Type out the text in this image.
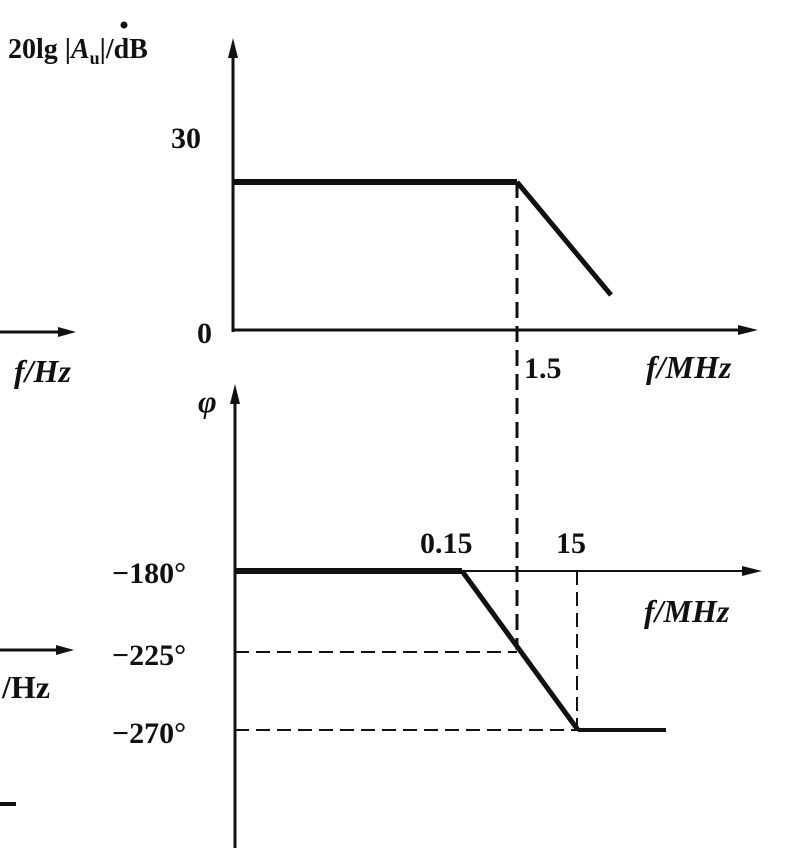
f/Hz
/Hz
20lg $|A_u|/dB$
30
0
1.5	f/MHz
φ
f/MHz
−180°
−225°
−270°
0.15	15
